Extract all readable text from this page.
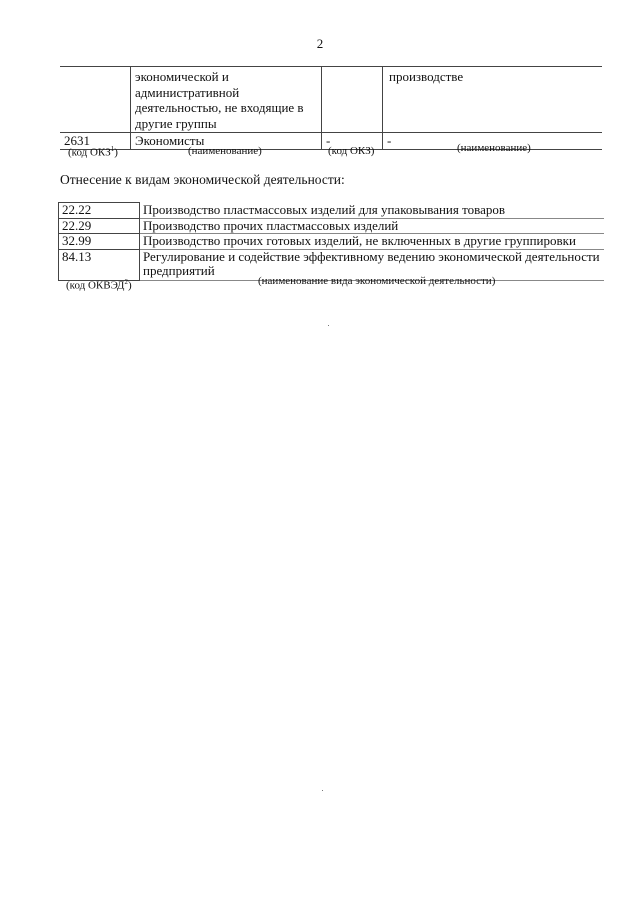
2

	экономической и
административной
деятельностью, не входящие в
другие группы		производстве

2631	Экономисты	-	-
(код ОКЗ$^1$)	(наименование)	(код ОКЗ)	(наименование)
Отнесение к видам экономической деятельности:
22.22	Производство пластмассовых изделий для упаковывания товаров
22.29	Производство прочих пластмассовых изделий
32.99	Производство прочих готовых изделий, не включенных в другие группировки
84.13	Регулирование и содействие эффективному ведению экономической деятельности предприятий
(код ОКВЭД$^2$)	(наименование вида экономической деятельности)
